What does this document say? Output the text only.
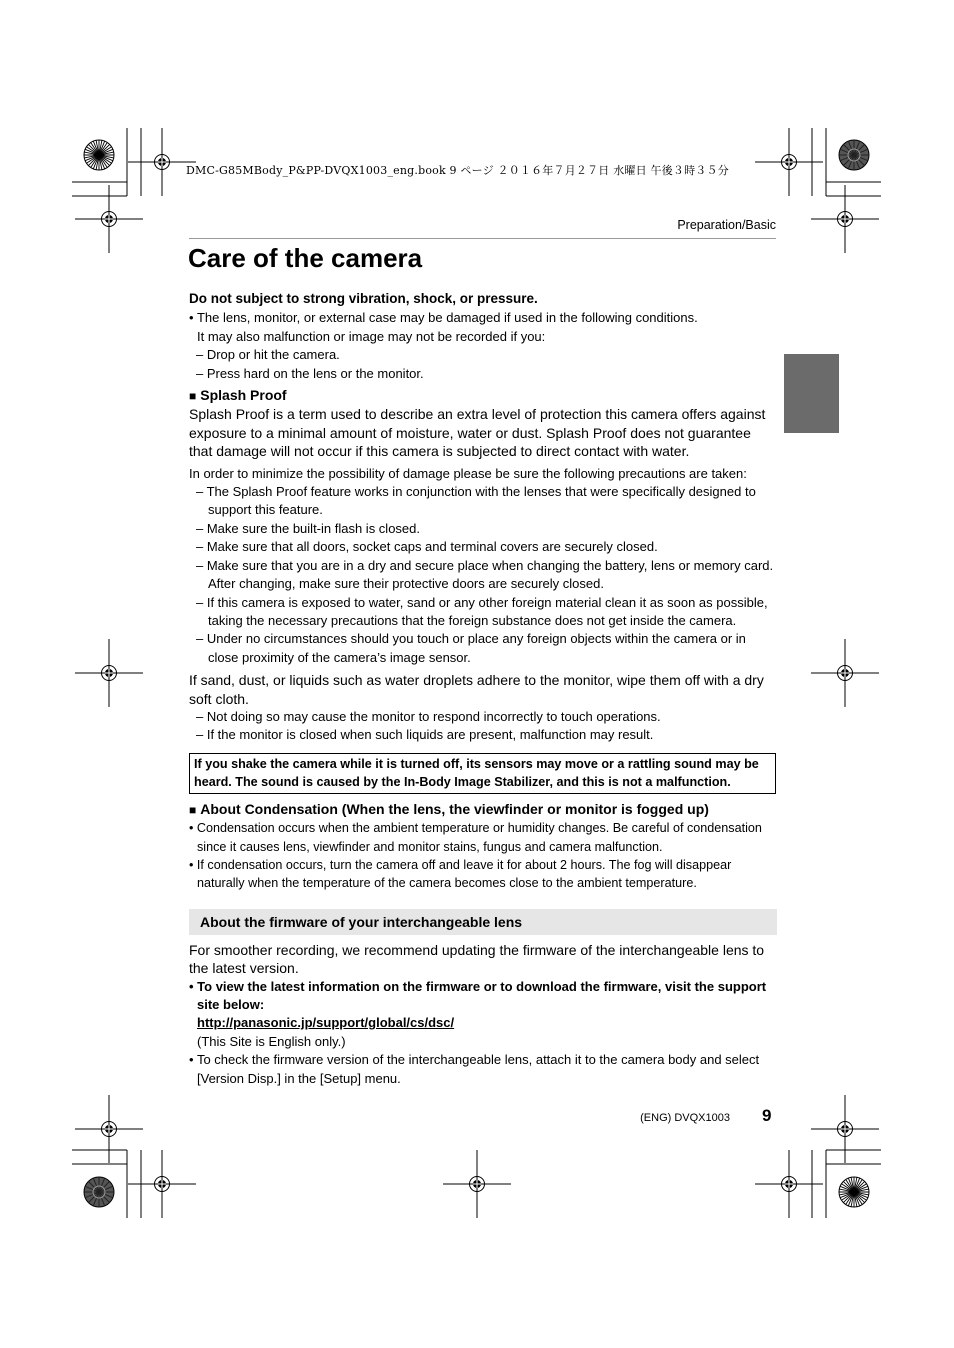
DMC-G85MBody_P&PP-DVQX1003_eng.book 9 ページ ２０１６年７月２７日 水曜日 午後３時３５分
Preparation/Basic
Care of the camera

Do not subject to strong vibration, shock, or pressure.

• The lens, monitor, or external case may be damaged if used in the following conditions.

It may also malfunction or image may not be recorded if you:

– Drop or hit the camera.

– Press hard on the lens or the monitor.

■ Splash Proof

Splash Proof is a term used to describe an extra level of protection this camera offers against exposure to a minimal amount of moisture, water or dust. Splash Proof does not guarantee that damage will not occur if this camera is subjected to direct contact with water.

In order to minimize the possibility of damage please be sure the following precautions are taken:

– The Splash Proof feature works in conjunction with the lenses that were specifically designed to support this feature.

– Make sure the built-in flash is closed.

– Make sure that all doors, socket caps and terminal covers are securely closed.

– Make sure that you are in a dry and secure place when changing the battery, lens or memory card. After changing, make sure their protective doors are securely closed.

– If this camera is exposed to water, sand or any other foreign material clean it as soon as possible, taking the necessary precautions that the foreign substance does not get inside the camera.

– Under no circumstances should you touch or place any foreign objects within the camera or in close proximity of the camera’s image sensor.

If sand, dust, or liquids such as water droplets adhere to the monitor, wipe them off with a dry soft cloth.

– Not doing so may cause the monitor to respond incorrectly to touch operations.

– If the monitor is closed when such liquids are present, malfunction may result.

If you shake the camera while it is turned off, its sensors may move or a rattling sound may be heard. The sound is caused by the In-Body Image Stabilizer, and this is not a malfunction.

■ About Condensation (When the lens, the viewfinder or monitor is fogged up)

• Condensation occurs when the ambient temperature or humidity changes. Be careful of condensation since it causes lens, viewfinder and monitor stains, fungus and camera malfunction.

• If condensation occurs, turn the camera off and leave it for about 2 hours. The fog will disappear naturally when the temperature of the camera becomes close to the ambient temperature.

About the firmware of your interchangeable lens

For smoother recording, we recommend updating the firmware of the interchangeable lens to the latest version.

• To view the latest information on the firmware or to download the firmware, visit the support site below:

http://panasonic.jp/support/global/cs/dsc/

(This Site is English only.)

• To check the firmware version of the interchangeable lens, attach it to the camera body and select [Version Disp.] in the [Setup] menu.

(ENG) DVQX1003 9
